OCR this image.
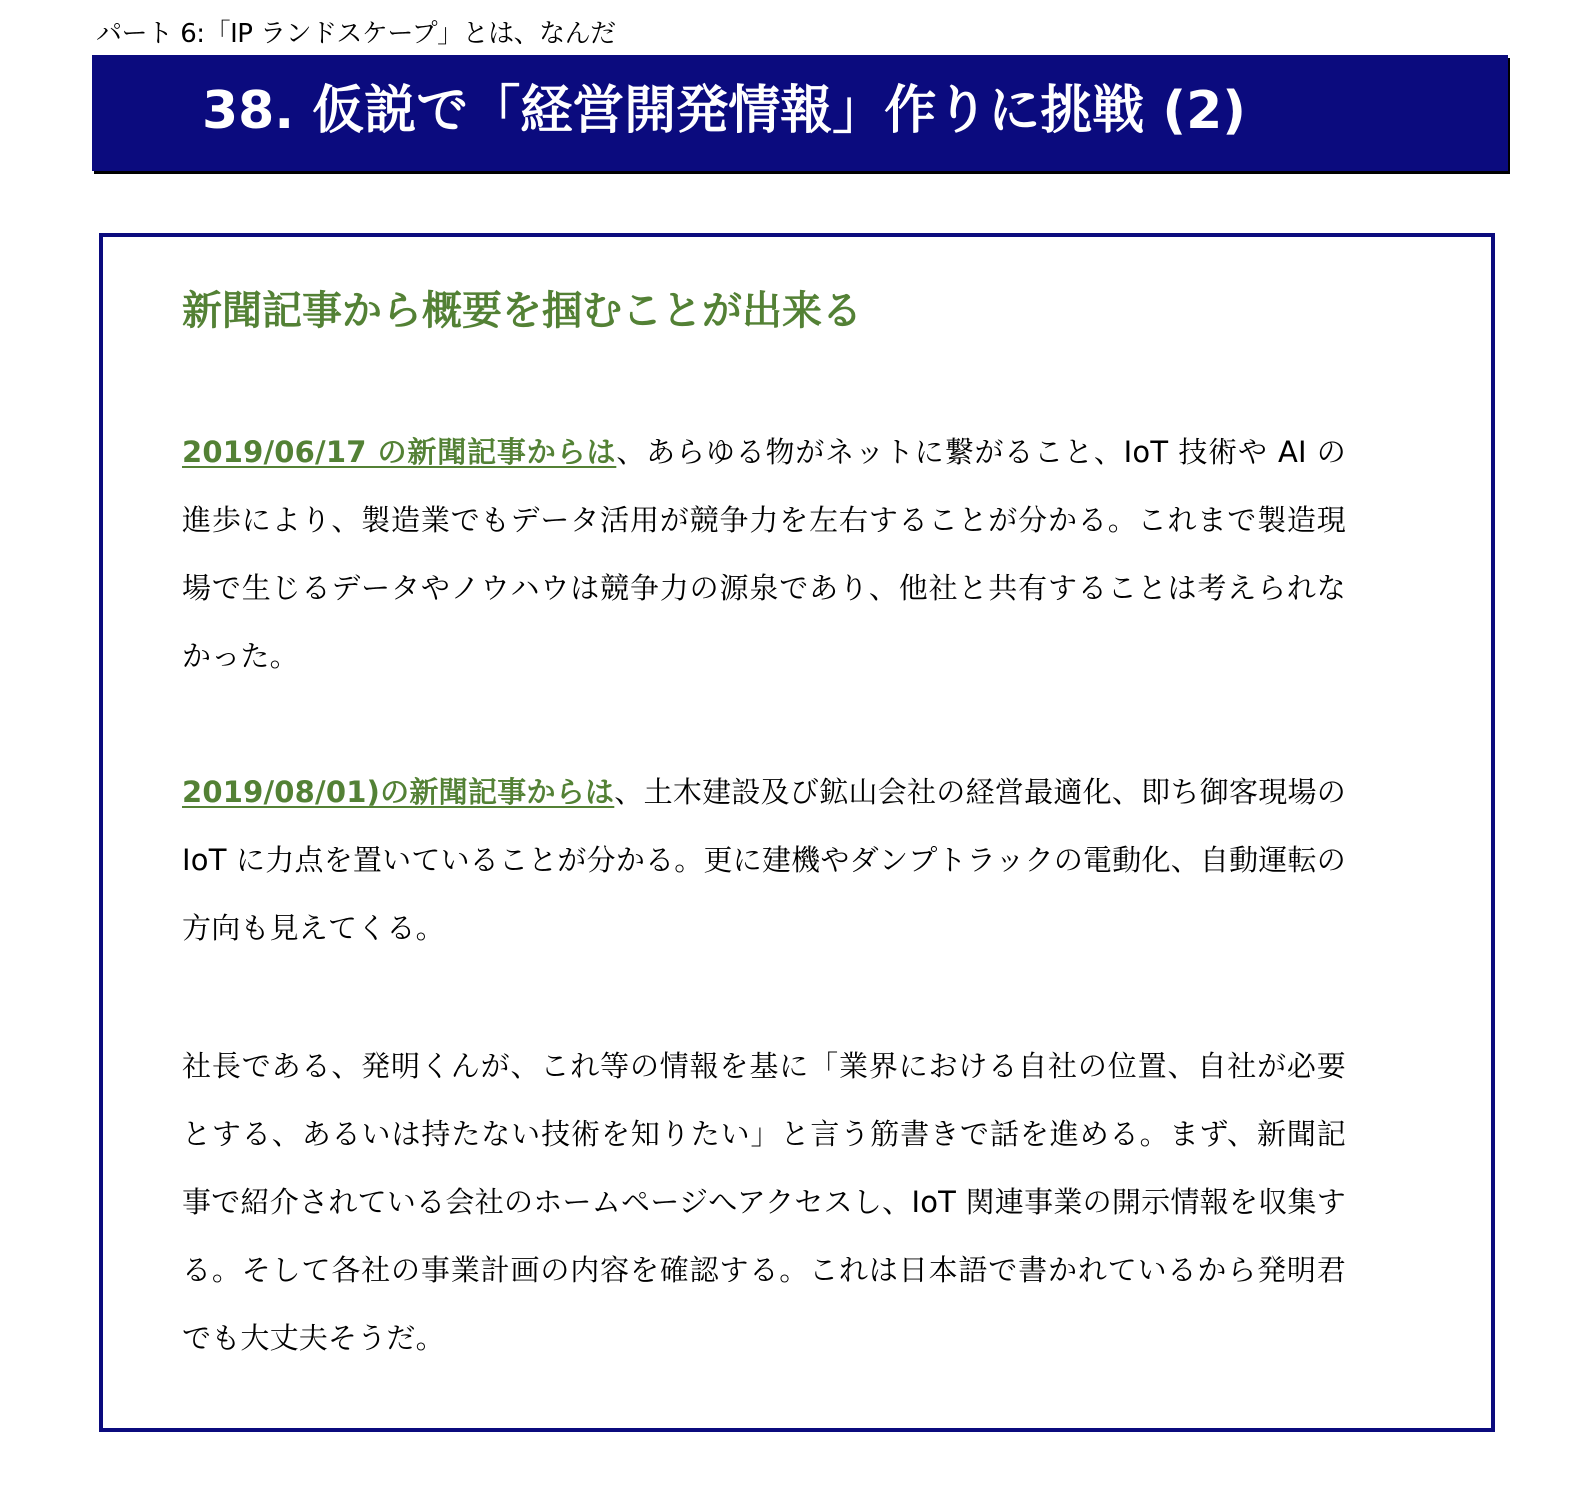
パート 6:「IP ランドスケープ」とは、なんだ
38. 仮説で「経営開発情報」作りに挑戦 (2)
新聞記事から概要を掴むことが出来る
2019/06/17 の新聞記事からは、あらゆる物がネットに繋がること、IoT 技術や AI の進歩により、製造業でもデータ活用が競争力を左右することが分かる。これまで製造現場で生じるデータやノウハウは競争力の源泉であり、他社と共有することは考えられなかった。
2019/08/01)の新聞記事からは、土木建設及び鉱山会社の経営最適化、即ち御客現場の IoT に力点を置いていることが分かる。更に建機やダンプトラックの電動化、自動運転の方向も見えてくる。
社長である、発明くんが、これ等の情報を基に「業界における自社の位置、自社が必要とする、あるいは持たない技術を知りたい」と言う筋書きで話を進める。まず、新聞記事で紹介されている会社のホームページへアクセスし、IoT 関連事業の開示情報を収集する。そして各社の事業計画の内容を確認する。これは日本語で書かれているから発明君でも大丈夫そうだ。
